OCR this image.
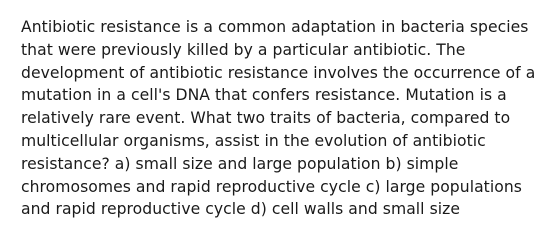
Antibiotic resistance is a common adaptation in bacteria species
that were previously killed by a particular antibiotic. The
development of antibiotic resistance involves the occurrence of a
mutation in a cell's DNA that confers resistance. Mutation is a
relatively rare event. What two traits of bacteria, compared to
multicellular organisms, assist in the evolution of antibiotic
resistance? a) small size and large population b) simple
chromosomes and rapid reproductive cycle c) large populations
and rapid reproductive cycle d) cell walls and small size
